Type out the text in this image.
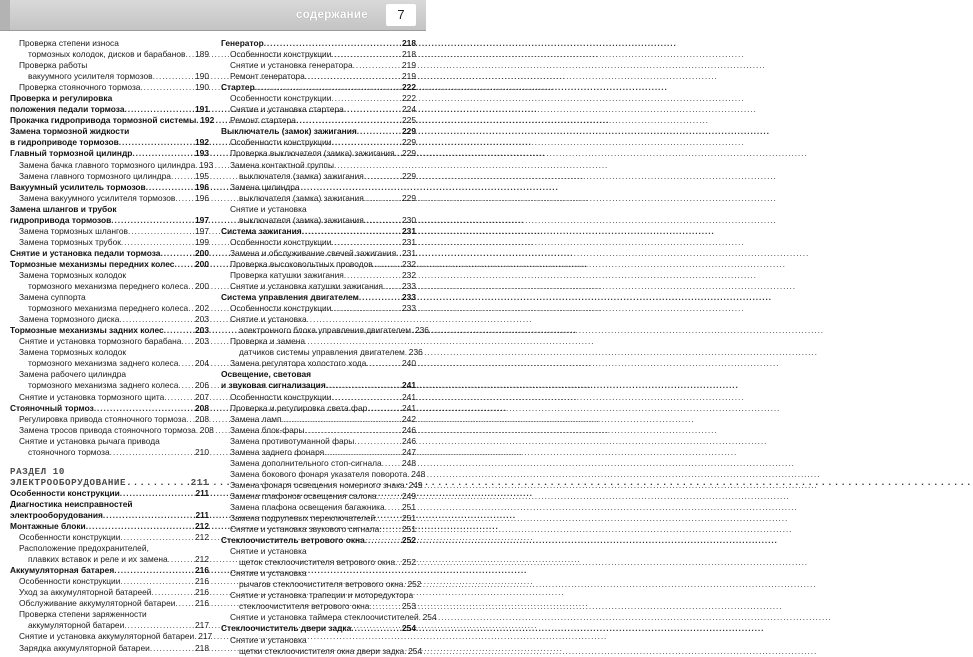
содержание	7
Проверка степени износа
тормозных колодок, дисков и барабанов ..... 189
Проверка работы
вакуумного усилителя тормозов .....	190
Проверка стояночного тормоза .....	190
Проверка и регулировка
положения педали тормоза .....	191
Прокачка гидропривода тормозной системы ..... 192
Замена тормозной жидкости
в гидроприводе тормозов .....	192
Главный тормозной цилиндр .....	193
Замена бачка главного тормозного цилиндра ..... 193
Замена главного тормозного цилиндра .....	195
Вакуумный усилитель тормозов .....	196
Замена вакуумного усилителя тормозов ..... 196
Замена шлангов и трубок
гидропривода тормозов .....	197
Замена тормозных шлангов .....	197
Замена тормозных трубок .....	199
Снятие и установка педали тормоза .....	200
Тормозные механизмы передних колес ..... 200
Замена тормозных колодок
тормозного механизма переднего колеса ..... 200
Замена суппорта
тормозного механизма переднего колеса ..... 202
Замена тормозного диска .....	203
Тормозные механизмы задних колес .....	203
Снятие и установка тормозного барабана ..... 203
Замена тормозных колодок
тормозного механизма заднего колеса ..... 204
Замена рабочего цилиндра
тормозного механизма заднего колеса ..... 206
Снятие и установка тормозного щита .....	207
Стояночный тормоз .....	208
Регулировка привода стояночного тормоза ..... 208
Замена тросов привода стояночного тормоза ..... 208
Снятие и установка рычага привода
стояночного тормоза .....	210
РАЗДЕЛ 10
ЭЛЕКТРООБОРУДОВАНИЕ .....	211
Особенности конструкции .....	211
Диагностика неисправностей
электрооборудования .....	211
Монтажные блоки .....	212
Особенности конструкции .....	212
Расположение предохранителей,
плавких вставок и реле и их замена .....	212
Аккумуляторная батарея .....	216
Особенности конструкции .....	216
Уход за аккумуляторной батареей .....	216
Обслуживание аккумуляторной батареи ..... 216
Проверка степени заряженности
аккумуляторной батареи .....	217
Снятие и установка аккумуляторной батареи ..... 217
Зарядка аккумуляторной батареи .....	218
Генератор .....	218
Особенности конструкции .....	218
Снятие и установка генератора .....	219
Ремонт генератора .....	219
Стартер .....	222
Особенности конструкции .....	222
Снятие и установка стартера .....	224
Ремонт стартера .....	225
Выключатель (замок) зажигания .....	229
Особенности конструкции .....	229
Проверка выключателя (замка) зажигания ..... 229
Замена контактной группы
выключателя (замка) зажигания .....	229
Замена цилиндра
выключателя (замка) зажигания .....	229
Снятие и установка
выключателя (замка) зажигания .....	230
Система зажигания .....	231
Особенности конструкции .....	231
Замена и обслуживание свечей зажигания ..... 231
Проверка высоковольтных проводов .....	232
Проверка катушки зажигания .....	232
Снятие и установка катушки зажигания ..... 233
Система управления двигателем .....	233
Особенности конструкции .....	233
Снятие и установка
электронного блока управления двигателем ..... 236
Проверка и замена
датчиков системы управления двигателем ..... 236
Замена регулятора холостого хода .....	240
Освещение, световая
и звуковая сигнализация .....	241
Особенности конструкции .....	241
Проверка и регулировка света фар .....	241
Замена ламп .....	242
Замена блок-фары .....	246
Замена противотуманной фары .....	246
Замена заднего фонаря .....	247
Замена дополнительного стоп-сигнала ..... 248
Замена бокового фонаря указателя поворота ..... 248
Замена фонаря освещения номерного знака ..... 249
Замена плафонов освещения салона .....	249
Замена плафона освещения багажника ..... 251
Замена подрулевых переключателей .....	251
Снятие и установка звукового сигнала .....	251
Стеклоочиститель ветрового окна .....	252
Снятие и установка
щеток стеклоочистителя ветрового окна ..... 252
Снятие и установка
рычагов стеклоочистителя ветрового окна ..... 252
Снятие и установка трапеции и моторедуктора
стеклоочистителя ветрового окна .....	253
Снятие и установка таймера стеклоочистителей ..... 254
Стеклоочиститель двери задка .....	254
Снятие и установка
щетки стеклоочистителя окна двери задка ..... 254
